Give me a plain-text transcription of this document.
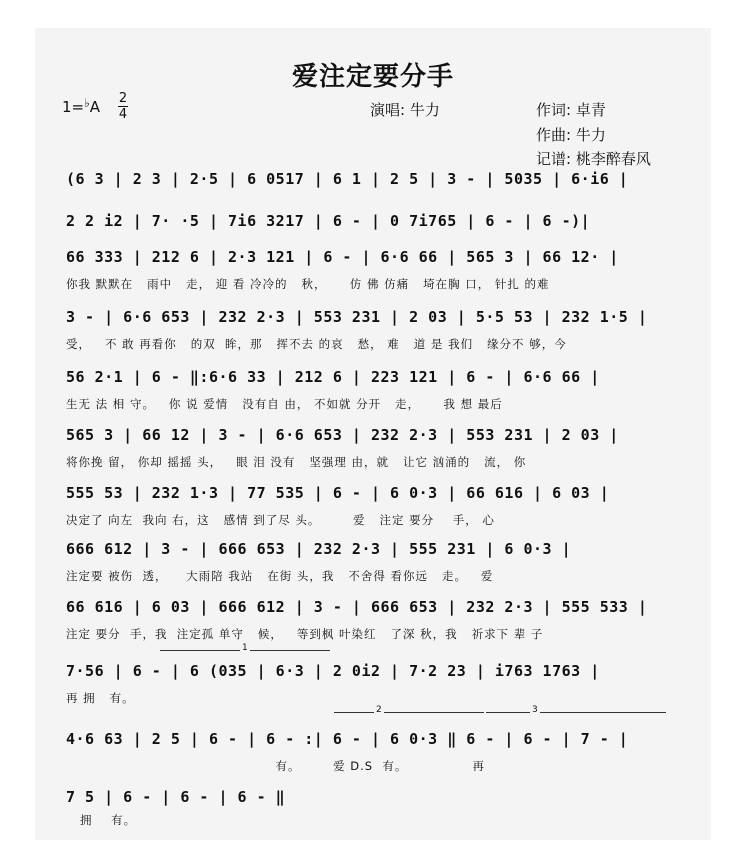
爱注定要分手
1=♭A 2
4	演唱: 牛力	作词: 卓青
作曲: 牛力
记谱: 桃李醉春风
1
2	3
(6 3 | 2 3 | 2·5 | 6 0517 | 6 1 | 2 5 | 3 - | 5035 | 6·i6 |
2 2 i2 | 7· ·5 | 7i6 3217 | 6 - | 0 7i765 | 6 - | 6 -)|
66 333 | 212 6 | 2·3 121 | 6 - | 6·6 66 | 565 3 | 66 12· |
你我 默默在   雨中   走， 迎 看 冷冷的   秋，     仿 佛 仿痛   埼在胸 口， 针扎 的难
3 - | 6·6 653 | 232 2·3 | 553 231 | 2 03 | 5·5 53 | 232 1·5 |
受，   不 敢 再看你   的双  眸，那   挥不去 的哀   愁， 难   道 是 我们   缘分不 够，今
56 2·1 | 6 - ‖:6·6 33 | 212 6 | 223 121 | 6 - | 6·6 66 |
生无 法 相 守。   你 说 爱情   没有自 由， 不如就 分开   走，     我 想 最后
565 3 | 66 12 | 3 - | 6·6 653 | 232 2·3 | 553 231 | 2 03 |
将你挽 留， 你却 摇摇 头，   眼 泪 没有   坚强理 由，就   让它 汹涌的   流， 你
555 53 | 232 1·3 | 77 535 | 6 - | 6 0·3 | 66 616 | 6 03 |
决定了 向左  我向 右，这   感情 到了尽 头。       爱   注定 要分    手， 心
666 612 | 3 - | 666 653 | 232 2·3 | 555 231 | 6 0·3 |
注定要 被伤  透，    大雨陪 我站   在街 头，我   不舍得 看你远   走。   爱
66 616 | 6 03 | 666 612 | 3 - | 666 653 | 232 2·3 | 555 533 |
注定 要分  手，我  注定孤 单守   候，   等到枫 叶染红   了深 秋，我   祈求下 辈 子
7·56 | 6 - | 6 (035 | 6·3 | 2 0i2 | 7·2 23 | i763 1763 |
再 拥   有。
4·6 63 | 2 5 | 6 - | 6 - :| 6 - | 6 0·3 ‖ 6 - | 6 - | 7 - |
有。       爱 D.S  有。              再
7 5 | 6 - | 6 - | 6 - ‖
拥    有。
